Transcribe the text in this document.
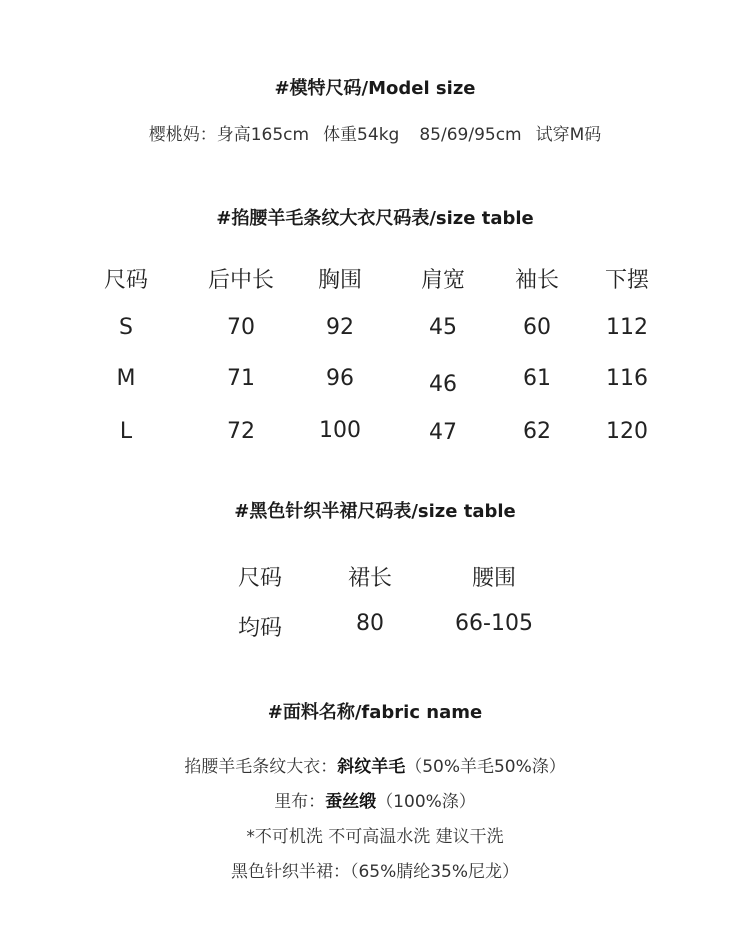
#模特尺码/Model size
樱桃妈：身高165cm 体重54kg 85/69/95cm 试穿M码
#掐腰羊毛条纹大衣尺码表/size table
尺码	后中长	胸围	肩宽	袖长	下摆
S	70	92	45	60	112
M	71	96	46	61	116
L	72	100	47	62	120
#黑色针织半裙尺码表/size table
尺码	裙长	腰围
均码	80	66-105
#面料名称/fabric name
掐腰羊毛条纹大衣：斜纹羊毛（50%羊毛50%涤）
里布：蚕丝缎（100%涤）
*不可机洗 不可高温水洗 建议干洗
黑色针织半裙：（65%腈纶35%尼龙）
